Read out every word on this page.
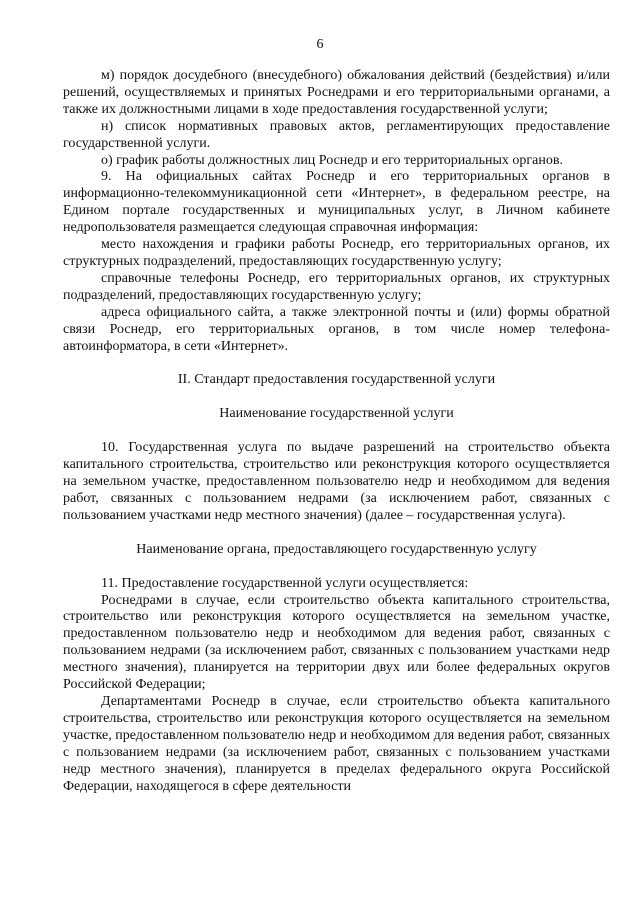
6

м) порядок досудебного (внесудебного) обжалования действий (бездействия) и/или решений, осуществляемых и принятых Роснедрами и его территориальными органами, а также их должностными лицами в ходе предоставления государственной услуги;

н) список нормативных правовых актов, регламентирующих предоставление государственной услуги.

о) график работы должностных лиц Роснедр и его территориальных органов.

9. На официальных сайтах Роснедр и его территориальных органов в информационно-телекоммуникационной сети «Интернет», в федеральном реестре, на Едином портале государственных и муниципальных услуг, в Личном кабинете недропользователя размещается следующая справочная информация:

место нахождения и графики работы Роснедр, его территориальных органов, их структурных подразделений, предоставляющих государственную услугу;

справочные телефоны Роснедр, его территориальных органов, их структурных подразделений, предоставляющих государственную услугу;

адреса официального сайта, а также электронной почты и (или) формы обратной связи Роснедр, его территориальных органов, в том числе номер телефона-автоинформатора, в сети «Интернет».

II. Стандарт предоставления государственной услуги

Наименование государственной услуги

10. Государственная услуга по выдаче разрешений на строительство объекта капитального строительства, строительство или реконструкция которого осуществляется на земельном участке, предоставленном пользователю недр и необходимом для ведения работ, связанных с пользованием недрами (за исключением работ, связанных с пользованием участками недр местного значения) (далее – государственная услуга).

Наименование органа, предоставляющего государственную услугу

11. Предоставление государственной услуги осуществляется:

Роснедрами в случае, если строительство объекта капитального строительства, строительство или реконструкция которого осуществляется на земельном участке, предоставленном пользователю недр и необходимом для ведения работ, связанных с пользованием недрами (за исключением работ, связанных с пользованием участками недр местного значения), планируется на территории двух или более федеральных округов Российской Федерации;

Департаментами Роснедр в случае, если строительство объекта капитального строительства, строительство или реконструкция которого осуществляется на земельном участке, предоставленном пользователю недр и необходимом для ведения работ, связанных с пользованием недрами (за исключением работ, связанных с пользованием участками недр местного значения), планируется в пределах федерального округа Российской Федерации, находящегося в сфере деятельности
